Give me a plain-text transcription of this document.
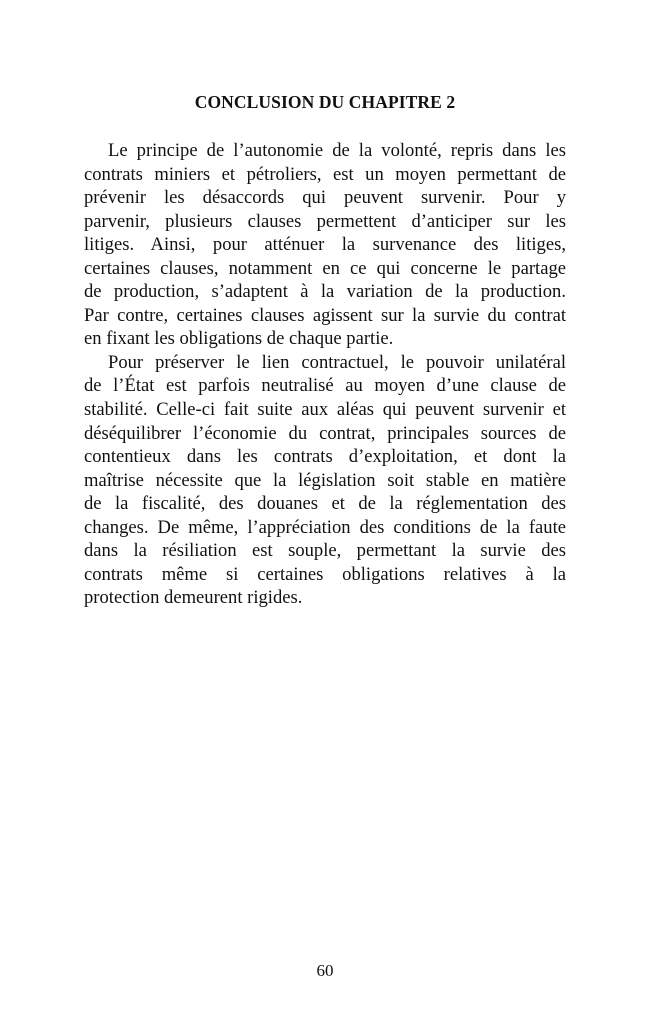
CONCLUSION DU CHAPITRE 2
Le principe de l’autonomie de la volonté, repris dans les
contrats miniers et pétroliers, est un moyen permettant de
prévenir les désaccords qui peuvent survenir. Pour y
parvenir, plusieurs clauses permettent d’anticiper sur les
litiges. Ainsi, pour atténuer la survenance des litiges,
certaines clauses, notamment en ce qui concerne le partage
de production, s’adaptent à la variation de la production.
Par contre, certaines clauses agissent sur la survie du contrat
en fixant les obligations de chaque partie.
Pour préserver le lien contractuel, le pouvoir unilatéral
de l’État est parfois neutralisé au moyen d’une clause de
stabilité. Celle-ci fait suite aux aléas qui peuvent survenir et
déséquilibrer l’économie du contrat, principales sources de
contentieux dans les contrats d’exploitation, et dont la
maîtrise nécessite que la législation soit stable en matière
de la fiscalité, des douanes et de la réglementation des
changes. De même, l’appréciation des conditions de la faute
dans la résiliation est souple, permettant la survie des
contrats même si certaines obligations relatives à la
protection demeurent rigides.
60
